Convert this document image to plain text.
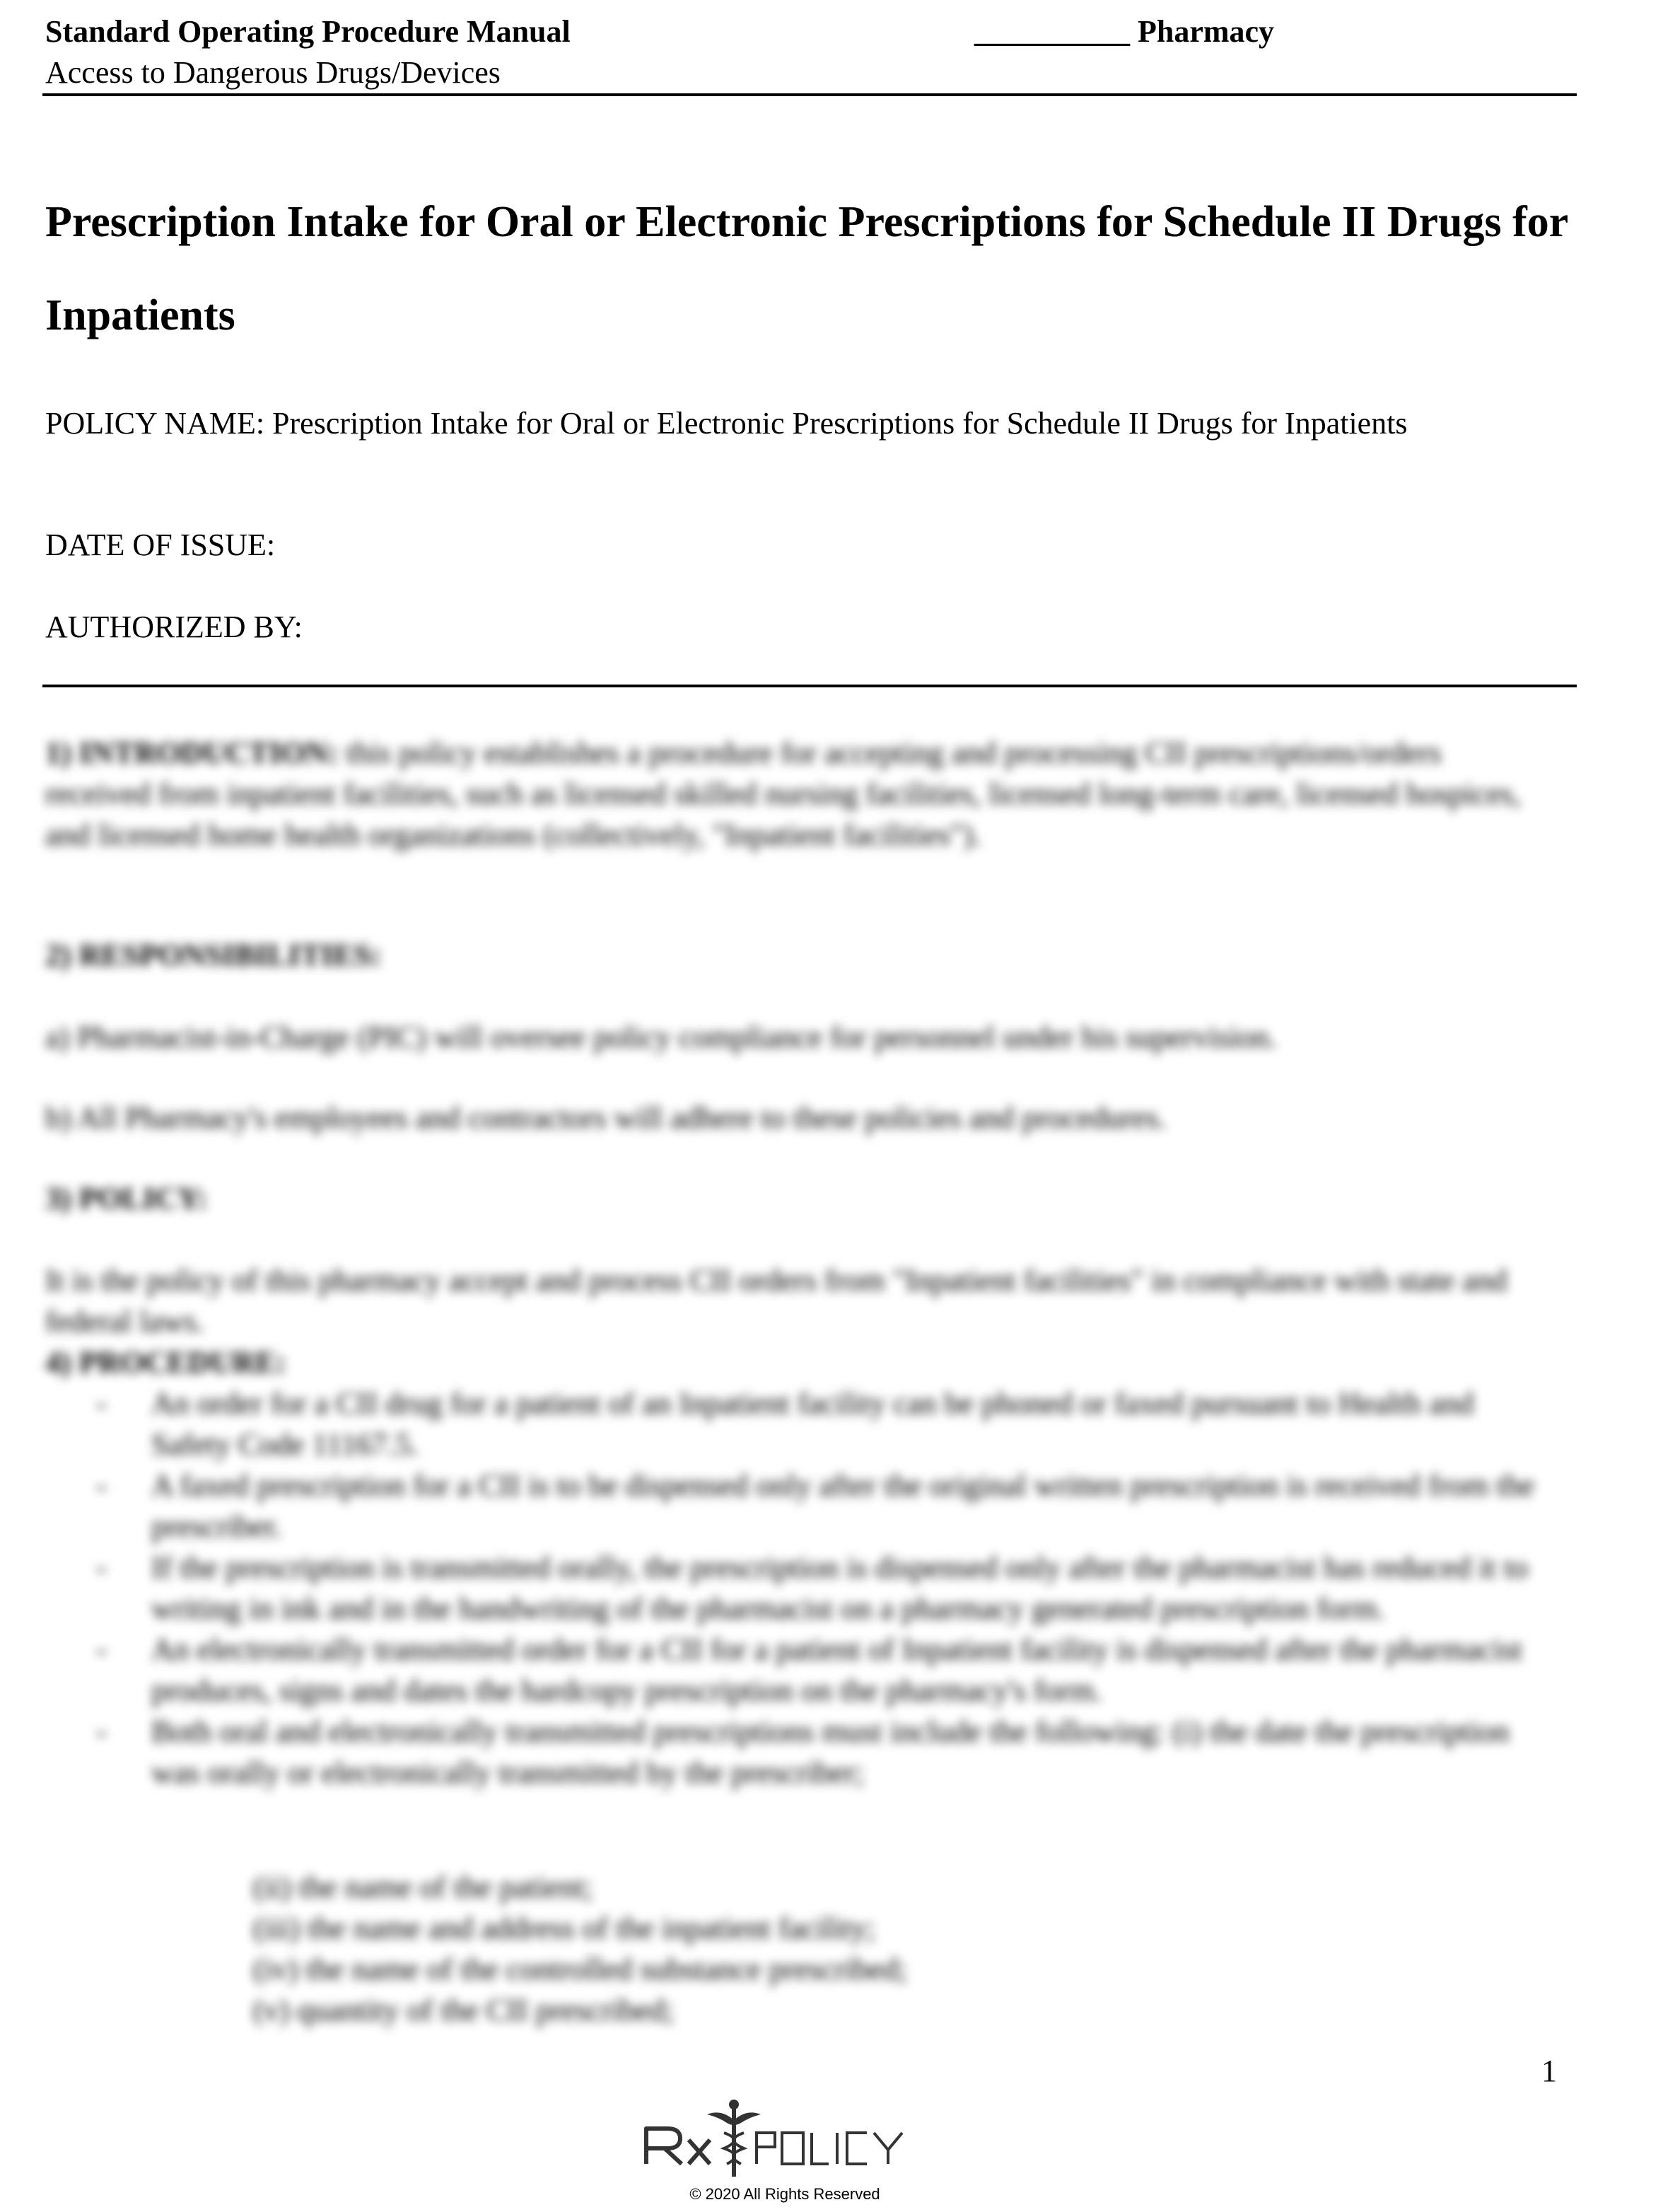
Standard Operating Procedure Manual
Access to Dangerous Drugs/Devices
__________ Pharmacy
Prescription Intake for Oral or Electronic Prescriptions for Schedule II Drugs for Inpatients
POLICY NAME: Prescription Intake for Oral or Electronic Prescriptions for Schedule II Drugs for Inpatients
DATE OF ISSUE:
AUTHORIZED BY:
1) INTRODUCTION: this policy establishes a procedure for accepting and processing CII prescriptions/orders received from inpatient facilities, such as licensed skilled nursing facilities, licensed long-term care, licensed hospices, and licensed home health organizations (collectively, "Inpatient facilities").
2) RESPONSIBILITIES:
a) Pharmacist-in-Charge (PIC) will oversee policy compliance for personnel under his supervision.
b) All Pharmacy's employees and contractors will adhere to these policies and procedures.
3) POLICY:
It is the policy of this pharmacy accept and process CII orders from "Inpatient facilities" in compliance with state and federal laws.
4) PROCEDURE:
- An order for a CII drug for a patient of an Inpatient facility can be phoned or faxed pursuant to Health and Safety Code 11167.5.
- A faxed prescription for a CII is to be dispensed only after the original written prescription is received from the prescriber.
- If the prescription is transmitted orally, the prescription is dispensed only after the pharmacist has reduced it to writing in ink and in the handwriting of the pharmacist on a pharmacy generated prescription form.
- An electronically transmitted order for a CII for a patient of Inpatient facility is dispensed after the pharmacist produces, signs and dates the hardcopy prescription on the pharmacy's form.
- Both oral and electronically transmitted prescriptions must include the following: (i) the date the prescription was orally or electronically transmitted by the prescriber;
(ii) the name of the patient;
(iii) the name and address of the inpatient facility;
(iv) the name of the controlled substance prescribed;
(v) quantity of the CII prescribed;
1
© 2020 All Rights Reserved
